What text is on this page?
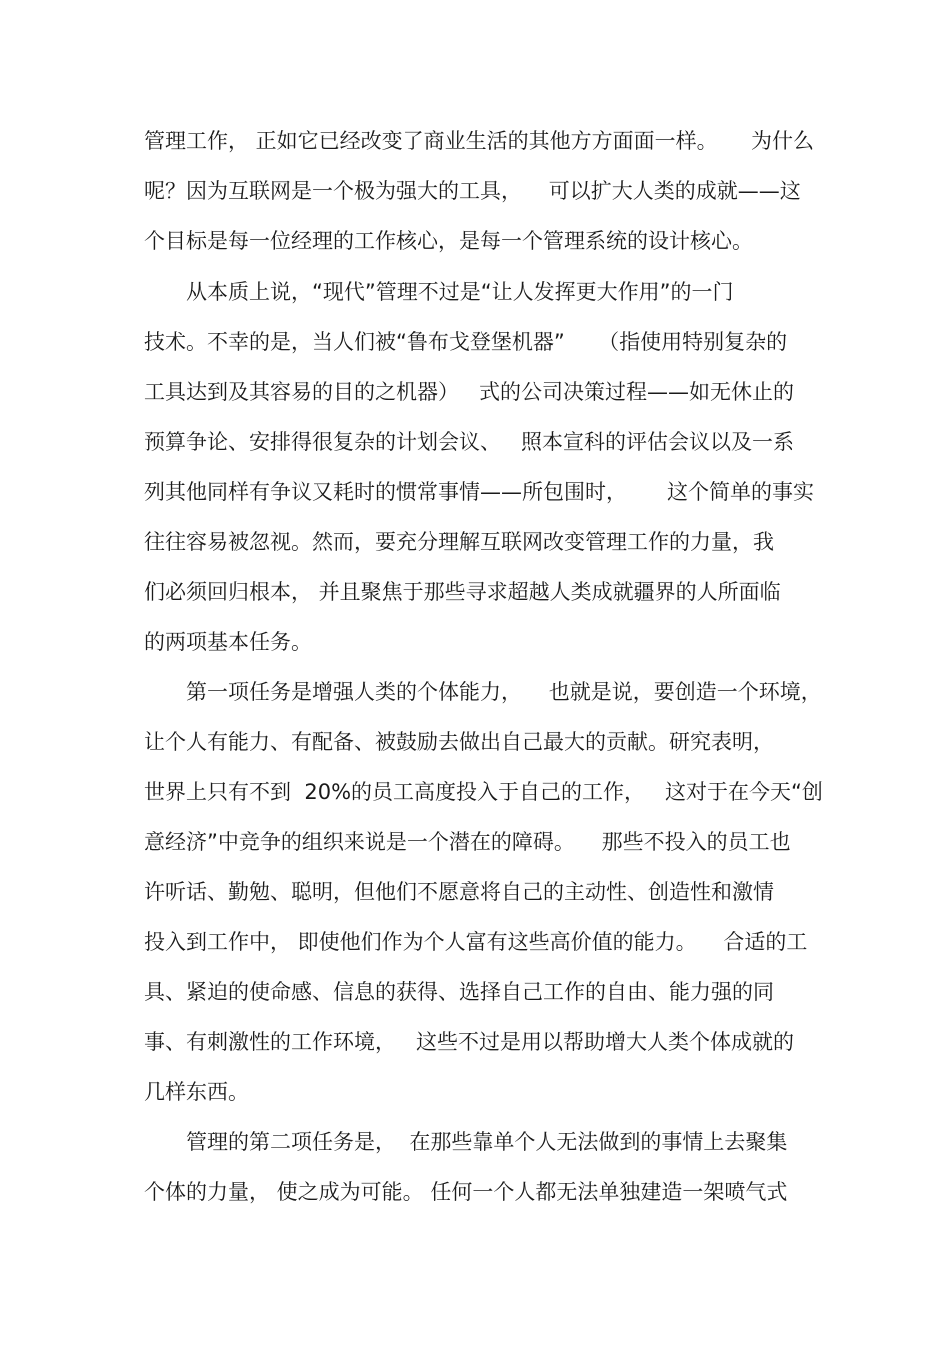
管理工作， 正如它已经改变了商业生活的其他方方面面一样。     为什么
呢？因为互联网是一个极为强大的工具，    可以扩大人类的成就——这
个目标是每一位经理的工作核心，是每一个管理系统的设计核心。
从本质上说，“现代”管理不过是“让人发挥更大作用”的一门
技术。不幸的是，当人们被“鲁布戈登堡机器”     （指使用特别复杂的
工具达到及其容易的目的之机器）   式的公司决策过程——如无休止的
预算争论、安排得很复杂的计划会议、   照本宣科的评估会议以及一系
列其他同样有争议又耗时的惯常事情——所包围时，      这个简单的事实
往往容易被忽视。然而，要充分理解互联网改变管理工作的力量，我
们必须回归根本， 并且聚焦于那些寻求超越人类成就疆界的人所面临
的两项基本任务。
第一项任务是增强人类的个体能力，    也就是说，要创造一个环境，
让个人有能力、有配备、被鼓励去做出自己最大的贡献。研究表明，
世界上只有不到  20%的员工高度投入于自己的工作，   这对于在今天“创
意经济”中竞争的组织来说是一个潜在的障碍。    那些不投入的员工也
许听话、勤勉、聪明，但他们不愿意将自己的主动性、创造性和激情
投入到工作中， 即使他们作为个人富有这些高价值的能力。    合适的工
具、紧迫的使命感、信息的获得、选择自己工作的自由、能力强的同
事、有刺激性的工作环境，   这些不过是用以帮助增大人类个体成就的
几样东西。
管理的第二项任务是，  在那些靠单个人无法做到的事情上去聚集
个体的力量， 使之成为可能。 任何一个人都无法单独建造一架喷气式
